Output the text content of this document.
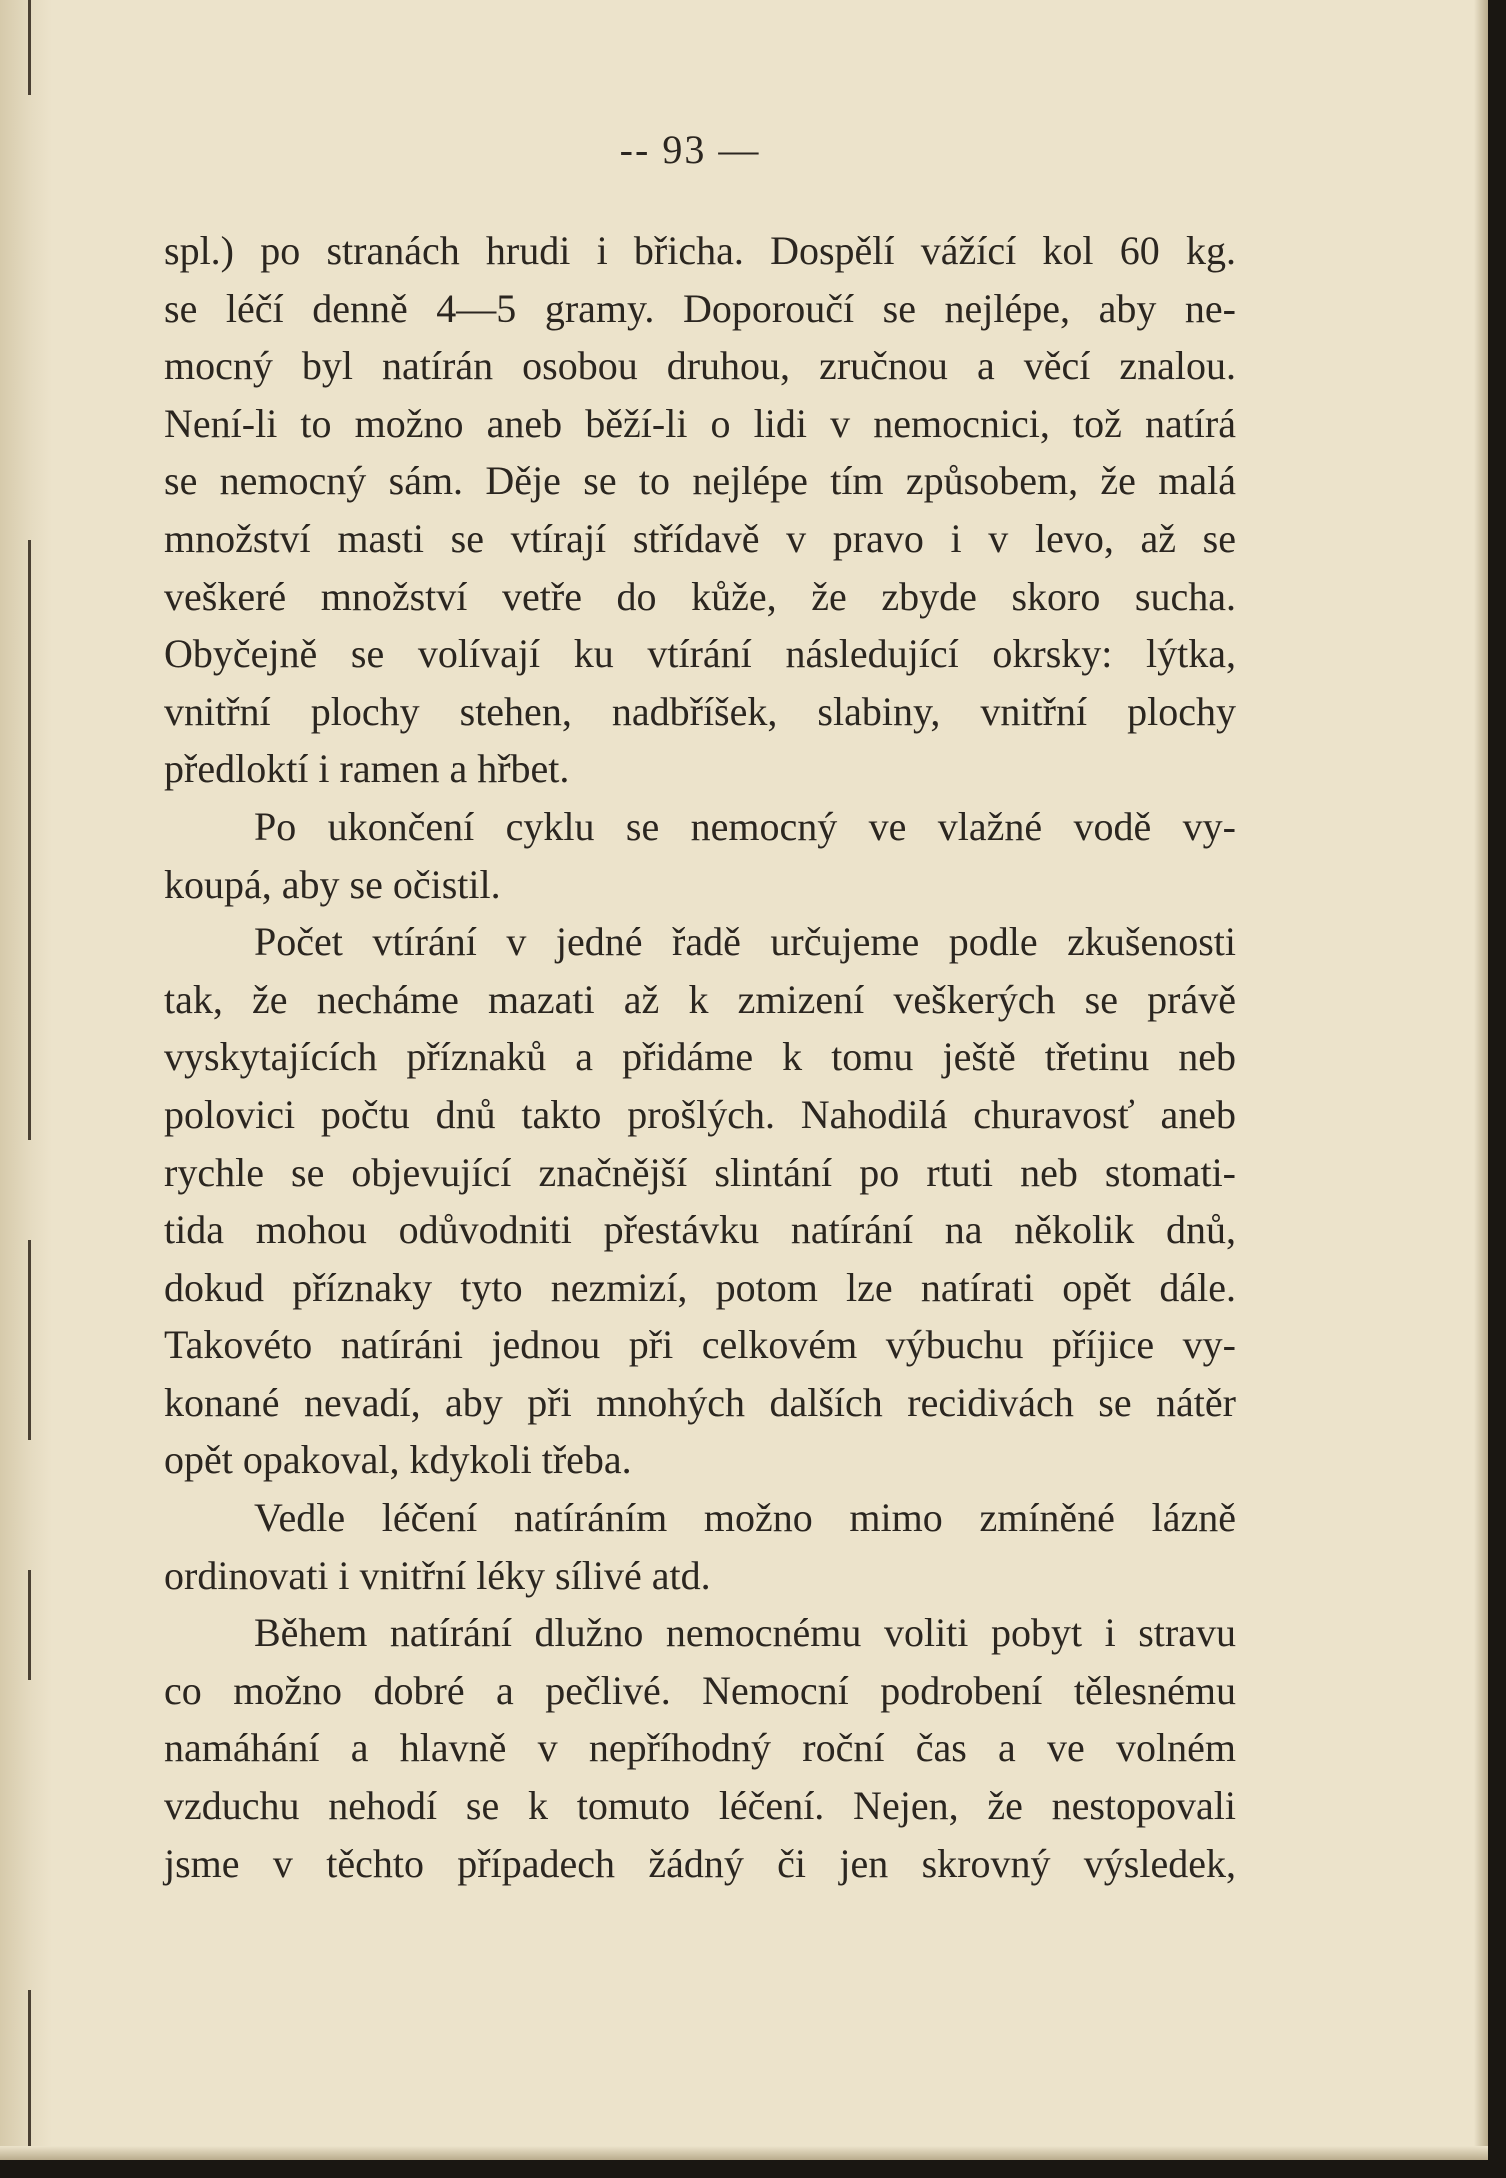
-- 93 —
spl.) po stranách hrudi i břicha. Dospělí vážící kol 60 kg.
se léčí denně 4—5 gramy. Doporoučí se nejlépe, aby ne-
mocný byl natírán osobou druhou, zručnou a věcí znalou.
Není-li to možno aneb běží-li o lidi v nemocnici, tož natírá
se nemocný sám. Děje se to nejlépe tím způsobem, že malá
množství masti se vtírají střídavě v pravo i v levo, až se
veškeré množství vetře do kůže, že zbyde skoro sucha.
Obyčejně se volívají ku vtírání následující okrsky: lýtka,
vnitřní plochy stehen, nadbříšek, slabiny, vnitřní plochy
předloktí i ramen a hřbet.
Po ukončení cyklu se nemocný ve vlažné vodě vy-
koupá, aby se očistil.
Počet vtírání v jedné řadě určujeme podle zkušenosti
tak, že necháme mazati až k zmizení veškerých se právě
vyskytajících příznaků a přidáme k tomu ještě třetinu neb
polovici počtu dnů takto prošlých. Nahodilá churavosť aneb
rychle se objevující značnější slintání po rtuti neb stomati-
tida mohou odůvodniti přestávku natírání na několik dnů,
dokud příznaky tyto nezmizí, potom lze natírati opět dále.
Takovéto natíráni jednou při celkovém výbuchu příjice vy-
konané nevadí, aby při mnohých dalších recidivách se nátěr
opět opakoval, kdykoli třeba.
Vedle léčení natíráním možno mimo zmíněné lázně
ordinovati i vnitřní léky sílivé atd.
Během natírání dlužno nemocnému voliti pobyt i stravu
co možno dobré a pečlivé. Nemocní podrobení tělesnému
namáhání a hlavně v nepříhodný roční čas a ve volném
vzduchu nehodí se k tomuto léčení. Nejen, že nestopovali
jsme v těchto případech žádný či jen skrovný výsledek,
